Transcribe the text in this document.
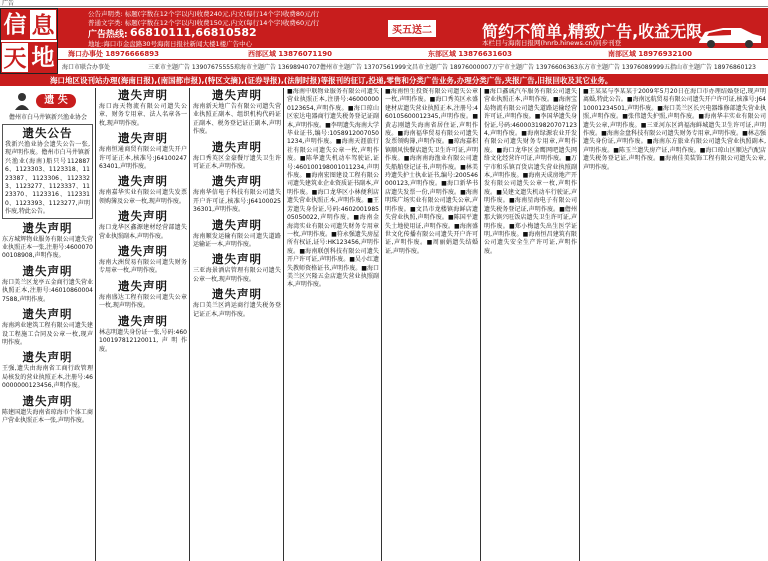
广告
公告声明类: 标题(字数在12个字以内)收费240元,内文(每行14个字)收费80元/行
普通文字类: 标题(字数在12个字以内)收费150元,内文(每行14个字)收费60元/行
广告热线: 66810111,66810582
地址:海口市金盘路30号海南日报社新闻大楼1楼广告中心
买五送二	简约不简单,精致广告,收益无限
本栏目与海南日报网(hnrb.hinews.cn)同步刊登
信 息
天 地	海口办事处 18976666893	西部区域 13876071190	东部区域 13876631603	南部区域 18976932100
海口市联合办事处	三亚市主题广告 13907675555 琼海市主题广告 13698940707 儋州市主题广告 13707561999 文昌市主题广告 18976000007 万宁市主题广告 13976606363 东方市主题广告 13976089999 五指山市主题广告 18976860123
海口地区设刊站办理(海南日报),(南国都市报),(特区文摘),(证券导报),(法制时报)等报刊的征订,投递,零售和分类广告业务,办理分类广告,夹报广告,旧报回收及其它业务。
遗 失
儋州市白马井镇新兴渔业协会
遗失公告
我新兴渔业协会遗失公告一张,现声明作废。儋州市白马井镇新兴渔业(海南)船只号1128876、1123303、1123318、1123387、1123306、1123323、1123277、1123337、1123370、1123316、1123310、1123393、1123277,声明作废,特此公告。
遗失声明
东方城辉物业服务有限公司遗失营业执照正本一张,注册号:460007000108908,声明作废。
遗失声明
海口美兰区龙亭五金商行遗失营业执照正本,注册号:460108600047588,声明作废。
遗失声明
海南鸿业建筑工程有限公司遗失建设工程施工合同及公章一枚,现声明作废。
遗失声明
王强,遗失由海南省工商行政管理局核发的营业执照正本,注册号:460000000123456,声明作废。
遗失声明
陈建国遗失海南省琼海市个体工商户营业执照正本一张,声明作废。
遗失声明
海口海天物流有限公司遗失公章、财务专用章、法人名章各一枚,现声明作废。
遗失声明
海南恒通商贸有限公司遗失开户许可证正本,核准号:J6410024763401,声明作废。
遗失声明
海南嘉华实业有限公司遗失发票领购簿及公章一枚,现声明作废。
遗失声明
海口龙华区鑫源建材经营部遗失营业执照副本,声明作废。
遗失声明
海南大洲贸易有限公司遗失财务专用章一枚,声明作废。
遗失声明
海南盛达工程有限公司遗失公章一枚,现声明作废。
遗失声明
林志明遗失身份证一张,号码:460100197812120011,声明作废。
遗失声明
海南新天地广告有限公司遗失营业执照正副本、组织机构代码证正副本、税务登记证正副本,声明作废。
遗失声明
海口秀英区金豪餐厅遗失卫生许可证正本,声明作废。
遗失声明
海南华信电子科技有限公司遗失开户许可证,核准号:J6410002536301,声明作废。
遗失声明
海南顺发运输有限公司遗失道路运输证一本,声明作废。
遗失声明
三亚海景酒店管理有限公司遗失公章一枚,现声明作废。
遗失声明
海口美兰区鸿运商行遗失税务登记证正本,声明作废。
■海南中联物业服务有限公司遗失营业执照正本,注册号:460000000123654,声明作废。■海口琼山区宏达电器商行遗失税务登记证副本,声明作废。■李明遗失海南大学毕业证书,编号:10589120070501234,声明作废。■海南天涯旅行社有限公司遗失公章一枚,声明作废。■陈华遗失机动车驾驶证,证号:460100198001011234,声明作废。■海南宏图建设工程有限公司遗失建筑业企业资质证书副本,声明作废。■海口龙华区小林便利店遗失营业执照正本,声明作废。■王芳遗失身份证,号码:460200198505050022,声明作废。■海南金海湾实业有限公司遗失财务专用章一枚,声明作废。■符永强遗失房屋所有权证,证号:HK123456,声明作废。■海南联创科技有限公司遗失开户许可证,声明作废。■吴小红遗失教师资格证书,声明作废。■海口美兰区兴隆五金店遗失营业执照副本,声明作废。
■海南恒生投资有限公司遗失公章一枚,声明作废。■海口秀英区永盛建材店遗失营业执照正本,注册号:460105600012345,声明作废。■黄志刚遗失海南省居住证,声明作废。■海南福华贸易有限公司遗失发票领购簿,声明作废。■琼海嘉积镇顺风快餐店遗失卫生许可证,声明作废。■海南南海渔业有限公司遗失船舶登记证书,声明作废。■林美玲遗失护士执业证书,编号:200546000123,声明作废。■海口新华书店遗失发票一份,声明作废。■海南明珠广场实业有限公司遗失公章,声明作废。■文昌市龙楼镇海鲜店遗失营业执照,声明作废。■陈国平遗失土地使用证,声明作废。■海南盛世文化传播有限公司遗失开户许可证,声明作废。■周丽娟遗失结婚证,声明作废。
■海口鑫诚汽车服务有限公司遗失营业执照正本,声明作废。■海南宝岛物流有限公司遗失道路运输经营许可证,声明作废。■李国华遗失身份证,号码:460003198207071234,声明作废。■海南绿源农业开发有限公司遗失财务专用章,声明作废。■海口龙华区金鹰网吧遗失网络文化经营许可证,声明作废。■万宁市和乐镇百货店遗失营业执照副本,声明作废。■海南天成房地产开发有限公司遗失公章一枚,声明作废。■吴建文遗失机动车行驶证,声明作废。■海南星海电子有限公司遗失税务登记证,声明作废。■儋州那大镇兴旺饭店遗失卫生许可证,声明作废。■郑小梅遗失出生医学证明,声明作废。■海南恒昌建筑有限公司遗失安全生产许可证,声明作废。
■王某某与李某某于2009年5月20日在海口市办理结婚登记,现声明离婚,特此公告。■海南远航贸易有限公司遗失开户许可证,核准号:J6410001234501,声明作废。■海口美兰区长兴电器维修部遗失营业执照,声明作废。■张伟遗失护照,声明作废。■海南华丰实业有限公司遗失公章,声明作废。■三亚河东区鸿福海鲜城遗失卫生许可证,声明作废。■海南金盘科技有限公司遗失财务专用章,声明作废。■林志强遗失身份证,声明作废。■海南东方旅业有限公司遗失营业执照副本,声明作废。■陈玉兰遗失房产证,声明作废。■海口琼山区顺达汽配店遗失税务登记证,声明作废。■海南佳美装饰工程有限公司遗失公章,声明作废。
